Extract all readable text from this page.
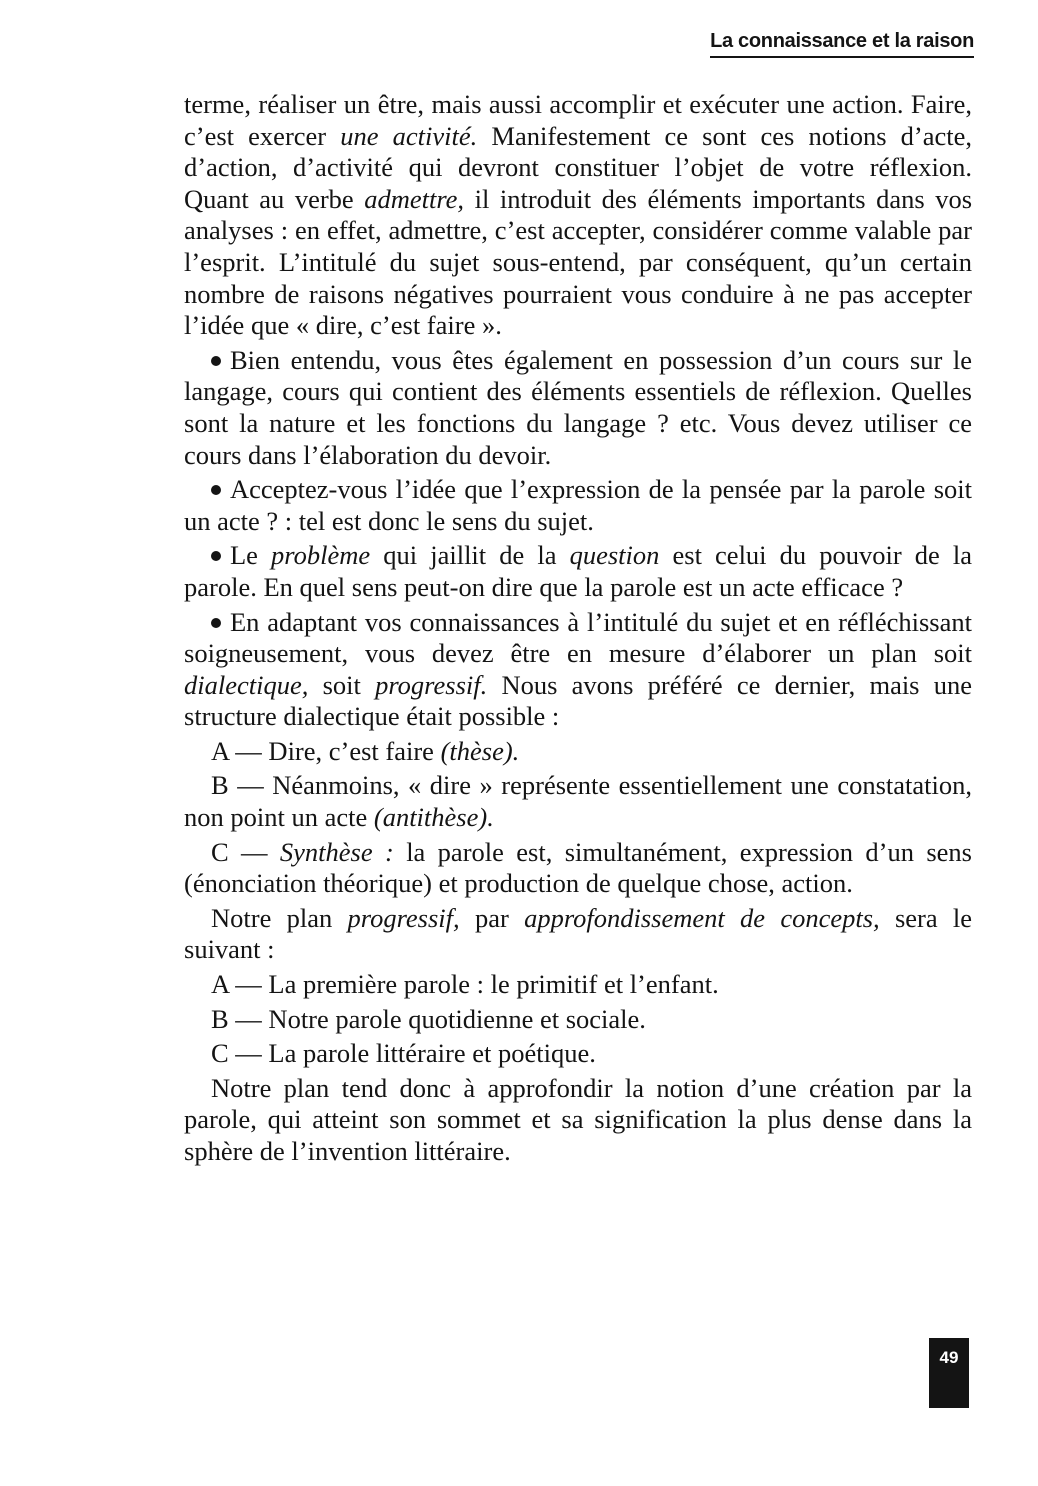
La connaissance et la raison

terme, réaliser un être, mais aussi accomplir et exécuter une action. Faire, c’est exercer une activité. Manifestement ce sont ces notions d’acte, d’action, d’activité qui devront constituer l’objet de votre réflexion. Quant au verbe admettre, il introduit des éléments importants dans vos analyses : en effet, admettre, c’est accepter, considérer comme valable par l’esprit. L’intitulé du sujet sous-entend, par conséquent, qu’un certain nombre de raisons négatives pourraient vous conduire à ne pas accepter l’idée que « dire, c’est faire ».

Bien entendu, vous êtes également en possession d’un cours sur le langage, cours qui contient des éléments essentiels de réflexion. Quelles sont la nature et les fonctions du langage ? etc. Vous devez utiliser ce cours dans l’élaboration du devoir.

Acceptez-vous l’idée que l’expression de la pensée par la parole soit un acte ? : tel est donc le sens du sujet.

Le problème qui jaillit de la question est celui du pouvoir de la parole. En quel sens peut-on dire que la parole est un acte efficace ?

En adaptant vos connaissances à l’intitulé du sujet et en réfléchissant soigneusement, vous devez être en mesure d’élaborer un plan soit dialectique, soit progressif. Nous avons préféré ce dernier, mais une structure dialectique était possible :

A — Dire, c’est faire (thèse).

B — Néanmoins, « dire » représente essentiellement une constatation, non point un acte (antithèse).

C — Synthèse : la parole est, simultanément, expression d’un sens (énonciation théorique) et production de quelque chose, action.

Notre plan progressif, par approfondissement de concepts, sera le suivant :

A — La première parole : le primitif et l’enfant.

B — Notre parole quotidienne et sociale.

C — La parole littéraire et poétique.

Notre plan tend donc à approfondir la notion d’une création par la parole, qui atteint son sommet et sa signification la plus dense dans la sphère de l’invention littéraire.

49
